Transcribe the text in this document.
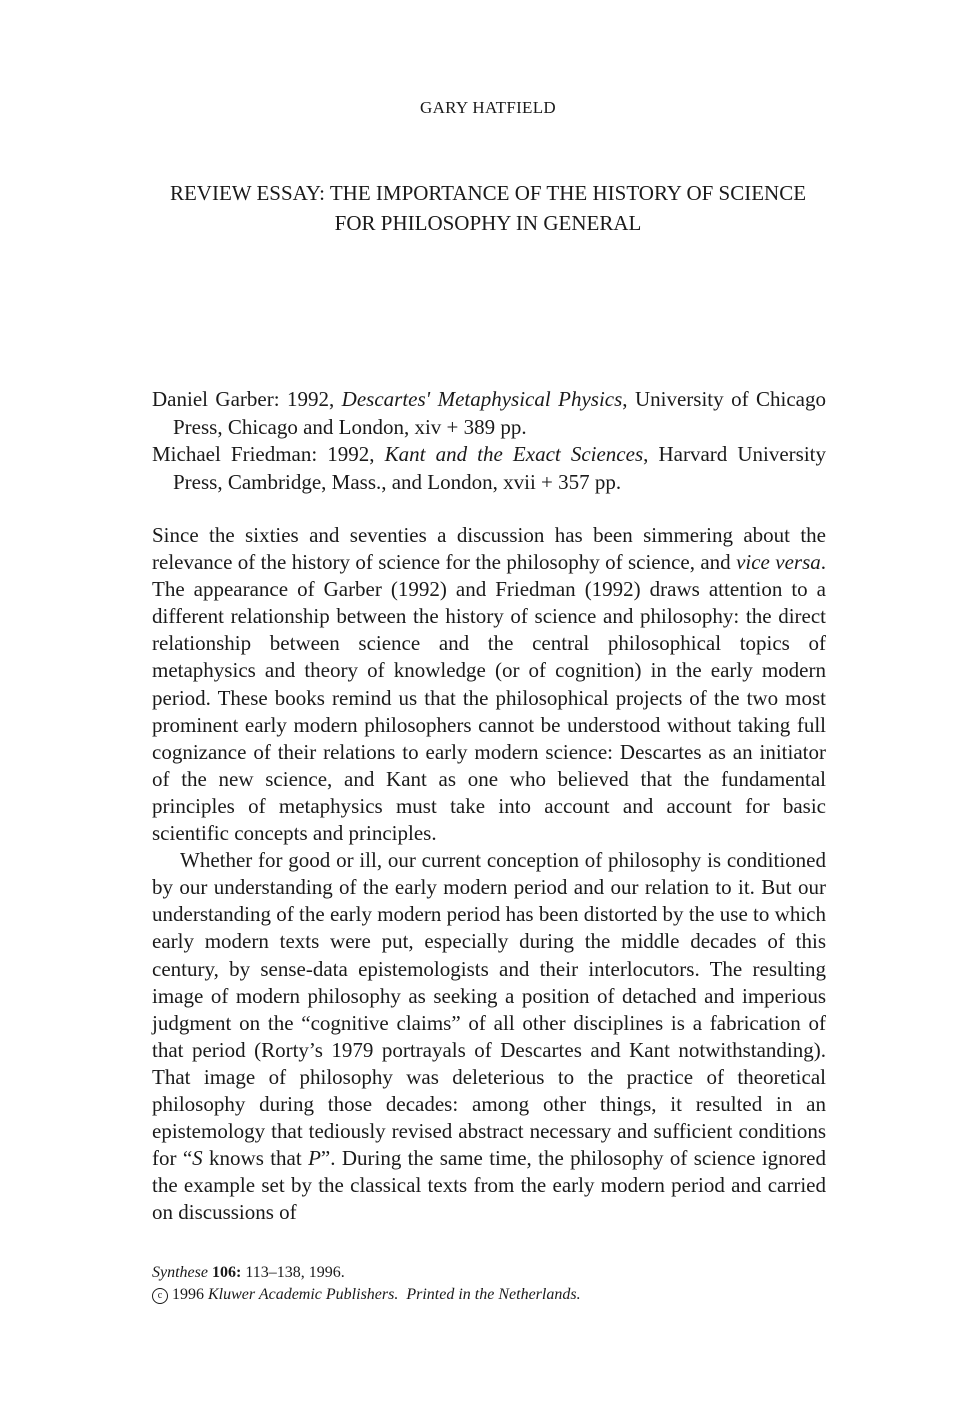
GARY HATFIELD
REVIEW ESSAY: THE IMPORTANCE OF THE HISTORY OF SCIENCE FOR PHILOSOPHY IN GENERAL
Daniel Garber: 1992, Descartes' Metaphysical Physics, University of Chicago Press, Chicago and London, xiv + 389 pp.
Michael Friedman: 1992, Kant and the Exact Sciences, Harvard University Press, Cambridge, Mass., and London, xvii + 357 pp.

Since the sixties and seventies a discussion has been simmering about the relevance of the history of science for the philosophy of science, and vice versa. The appearance of Garber (1992) and Friedman (1992) draws attention to a different relationship between the history of science and philosophy: the direct relationship between science and the central philosophical topics of metaphysics and theory of knowledge (or of cognition) in the early modern period. These books remind us that the philosophical projects of the two most prominent early modern philosophers cannot be understood without taking full cognizance of their relations to early modern science: Descartes as an initiator of the new science, and Kant as one who believed that the fundamental principles of metaphysics must take into account and account for basic scientific concepts and principles.

Whether for good or ill, our current conception of philosophy is conditioned by our understanding of the early modern period and our relation to it. But our understanding of the early modern period has been distorted by the use to which early modern texts were put, especially during the middle decades of this century, by sense-data epistemologists and their interlocutors. The resulting image of modern philosophy as seeking a position of detached and imperious judgment on the “cognitive claims” of all other disciplines is a fabrication of that period (Rorty’s 1979 portrayals of Descartes and Kant notwithstanding). That image of philosophy was deleterious to the practice of theoretical philosophy during those decades: among other things, it resulted in an epistemology that tediously revised abstract necessary and sufficient conditions for “S knows that P”. During the same time, the philosophy of science ignored the example set by the classical texts from the early modern period and carried on discussions of

Synthese 106: 113–138, 1996.
c 1996 Kluwer Academic Publishers. Printed in the Netherlands.
